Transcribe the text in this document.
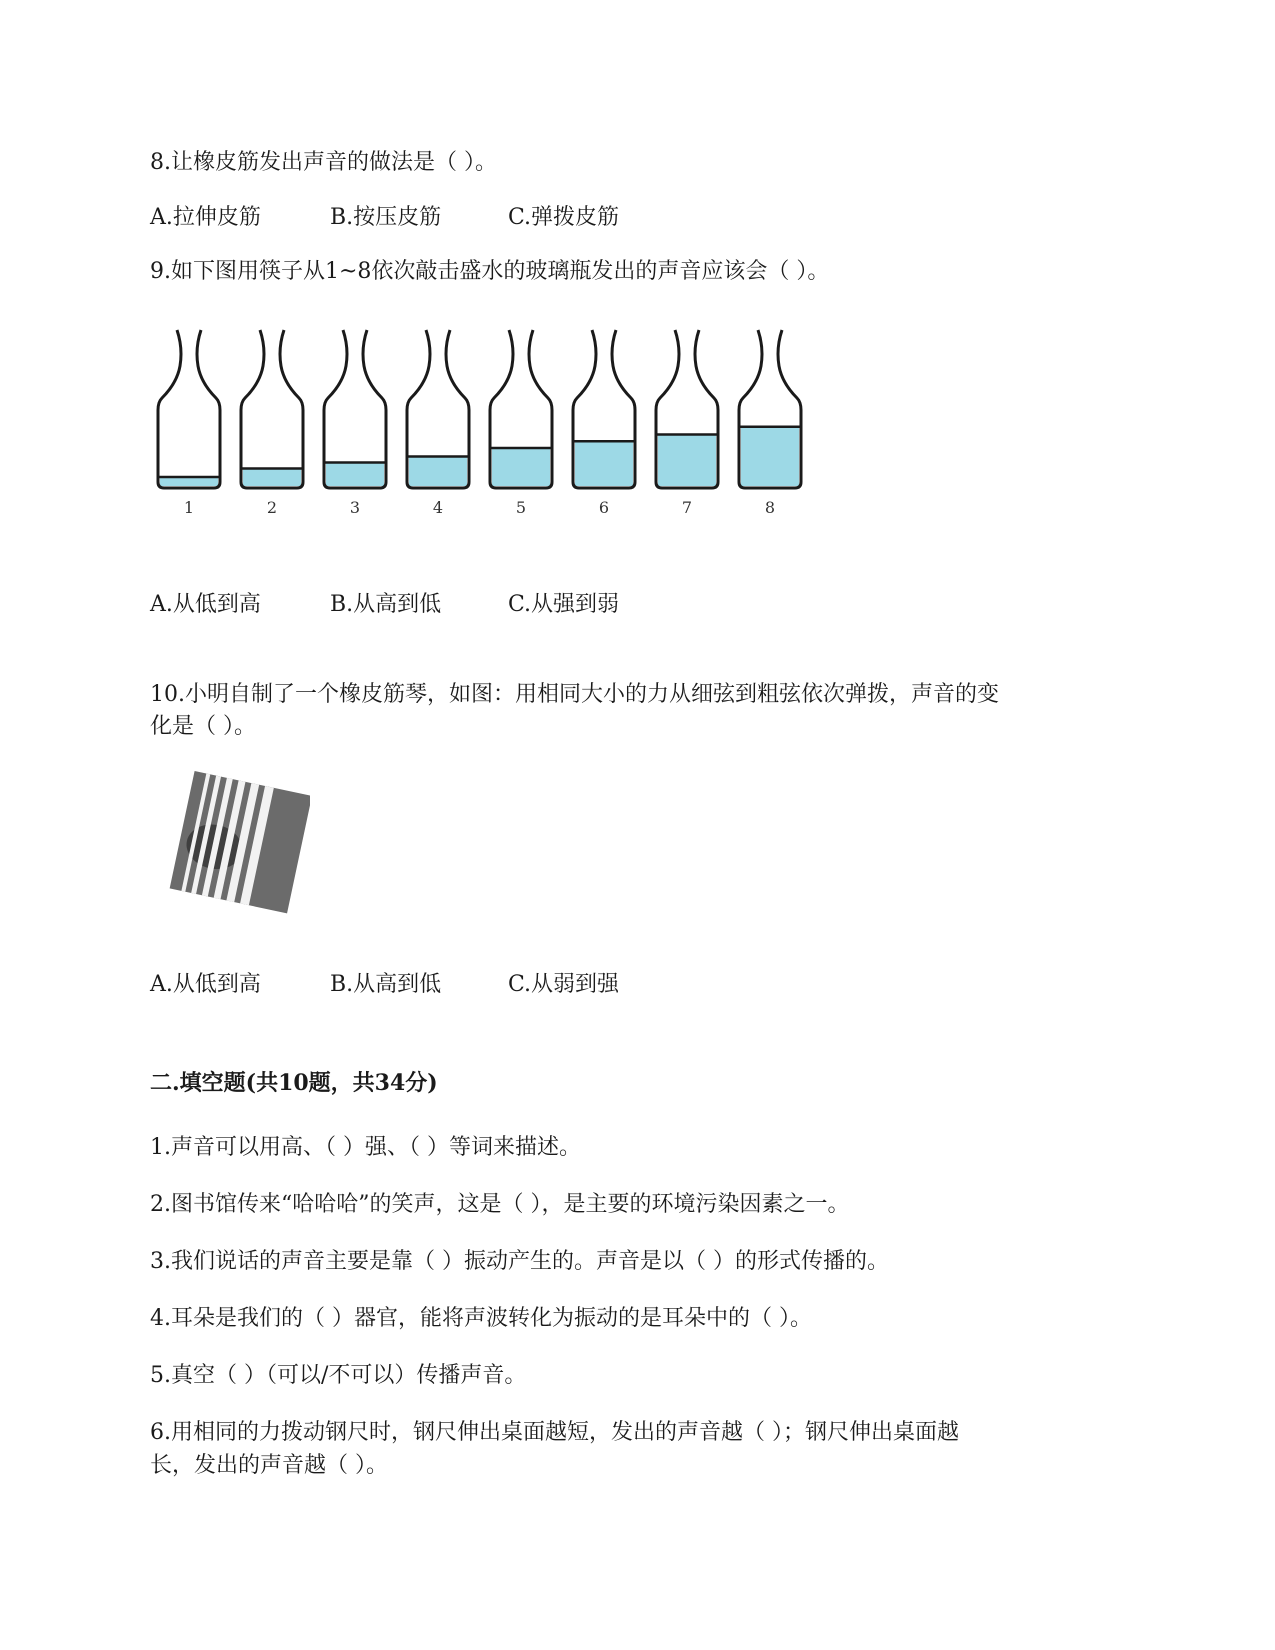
8.让橡皮筋发出声音的做法是（ ）。
A.拉伸皮筋	B.按压皮筋	C.弹拨皮筋
9.如下图用筷子从1~8依次敲击盛水的玻璃瓶发出的声音应该会（ ）。
1	2	3	4	5	6	7	8
A.从低到高	B.从高到低	C.从强到弱
10.小明自制了一个橡皮筋琴，如图：用相同大小的力从细弦到粗弦依次弹拨，声音的变
化是（ ）。
A.从低到高	B.从高到低	C.从弱到强
二.填空题(共10题，共34分)
1.声音可以用高、（ ）强、（ ）等词来描述。
2.图书馆传来“哈哈哈”的笑声，这是（ ），是主要的环境污染因素之一。
3.我们说话的声音主要是靠（ ）振动产生的。声音是以（ ）的形式传播的。
4.耳朵是我们的（ ）器官，能将声波转化为振动的是耳朵中的（ ）。
5.真空（ ）（可以/不可以）传播声音。
6.用相同的力拨动钢尺时，钢尺伸出桌面越短，发出的声音越（ ）；钢尺伸出桌面越
长，发出的声音越（ ）。
